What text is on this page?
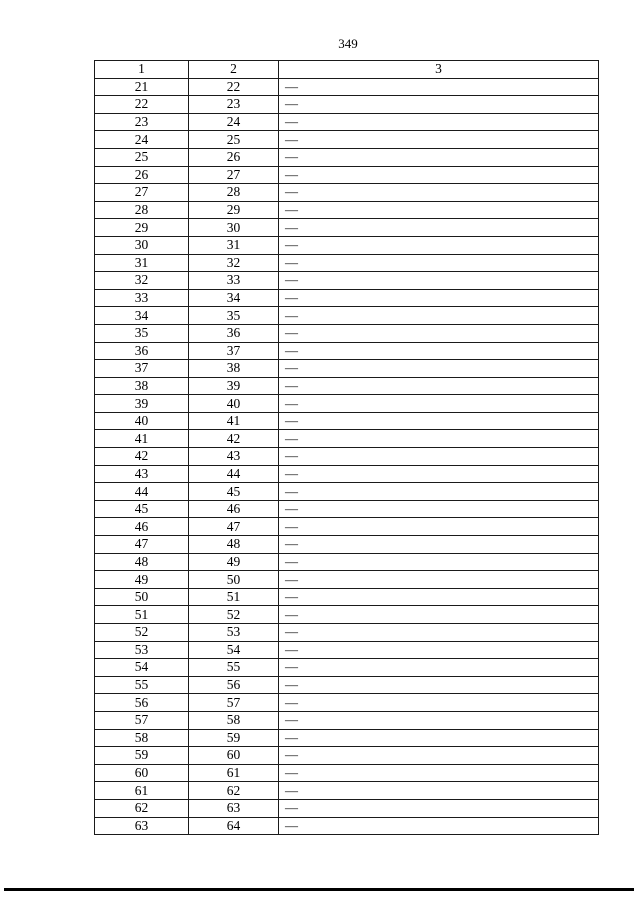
349
1	2	3
21	22	—
22	23	—
23	24	—
24	25	—
25	26	—
26	27	—
27	28	—
28	29	—
29	30	—
30	31	—
31	32	—
32	33	—
33	34	—
34	35	—
35	36	—
36	37	—
37	38	—
38	39	—
39	40	—
40	41	—
41	42	—
42	43	—
43	44	—
44	45	—
45	46	—
46	47	—
47	48	—
48	49	—
49	50	—
50	51	—
51	52	—
52	53	—
53	54	—
54	55	—
55	56	—
56	57	—
57	58	—
58	59	—
59	60	—
60	61	—
61	62	—
62	63	—
63	64	—
